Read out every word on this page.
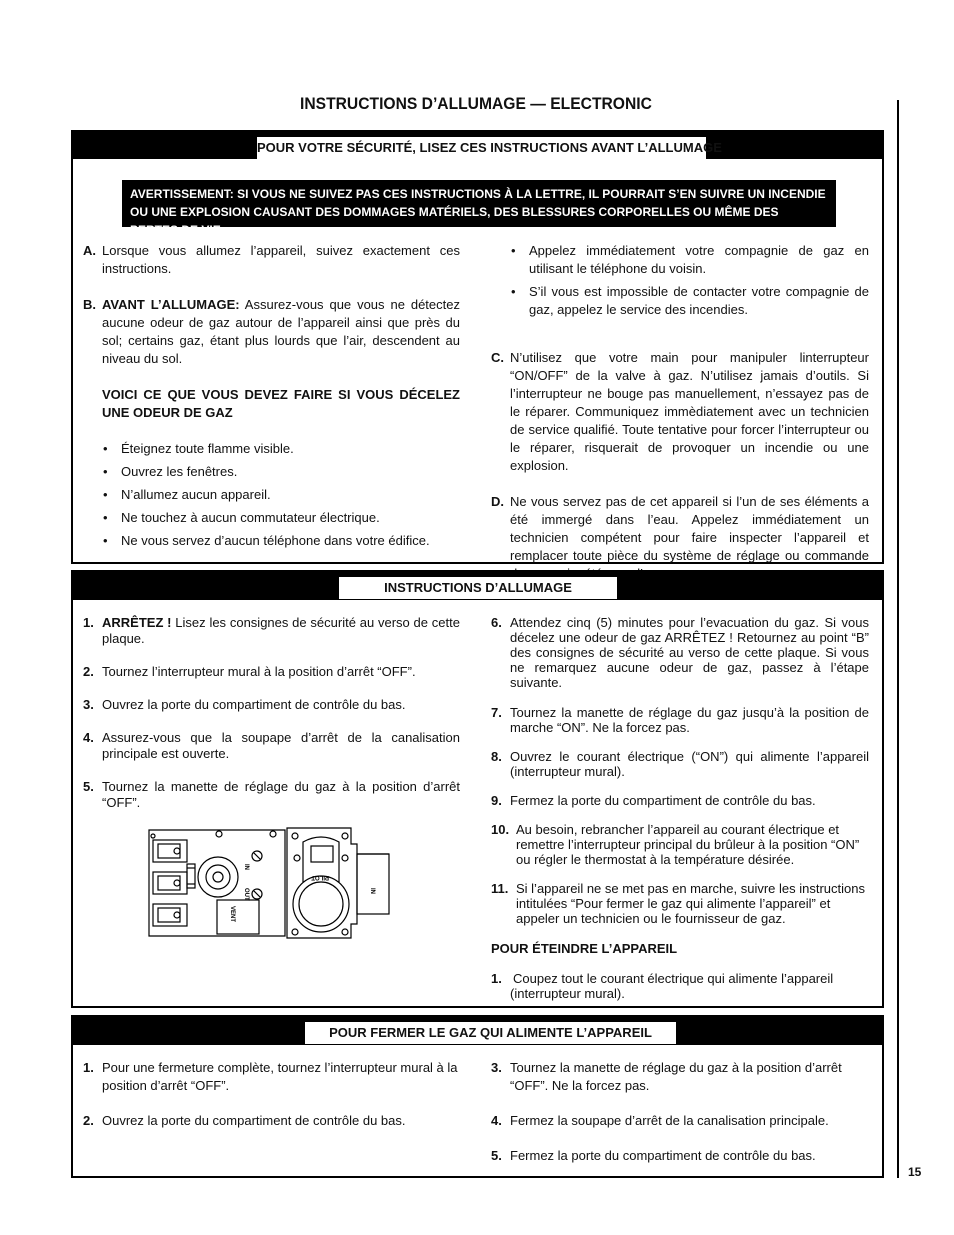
INSTRUCTIONS D’ALLUMAGE — ELECTRONIC
15
POUR VOTRE SÉCURITÉ, LISEZ CES INSTRUCTIONS AVANT L’ALLUMAGE
AVERTISSEMENT: SI VOUS NE SUIVEZ PAS CES INSTRUCTIONS À LA LETTRE, IL POURRAIT S’EN SUIVRE UN INCENDIE OU UNE EXPLOSION CAUSANT DES DOMMAGES MATÉRIELS, DES BLESSURES CORPORELLES OU MÊME DES PERTES DE VIE.
A. Lorsque vous allumez l’appareil, suivez exactement ces instructions.
B. AVANT L’ALLUMAGE: Assurez-vous que vous ne détectez aucune odeur de gaz autour de l’appareil ainsi que près du sol; certains gaz, étant plus lourds que l’air, descendent au niveau du sol.
VOICI CE QUE VOUS DEVEZ FAIRE SI VOUS DÉCELEZ UNE ODEUR DE GAZ
• Éteignez toute flamme visible.
• Ouvrez les fenêtres.
• N’allumez aucun appareil.
• Ne touchez à aucun commutateur électrique.
• Ne vous servez d’aucun téléphone dans votre édifice.
• Appelez immédiatement votre compagnie de gaz en utilisant le téléphone du voisin.
• S’il vous est impossible de contacter votre compagnie de gaz, appelez le service des incendies.
C. N’utilisez que votre main pour manipuler linterrupteur “ON/OFF” de la valve à gaz. N’utilisez jamais d’outils. Si l’interrupteur ne bouge pas manuellement, n’essayez pas de le réparer. Communiquez immèdiatement avec un technicien de service qualifié. Toute tentative pour forcer l’interrupteur ou le réparer, risquerait de provoquer un incendie ou une explosion.
D. Ne vous servez pas de cet appareil si l’un de ses éléments a été immergé dans l’eau. Appelez immédiatement un technicien compétent pour faire inspecter l’appareil et remplacer toute pièce du système de réglage ou commande
INSTRUCTIONS D’ALLUMAGE
1. ARRÊTEZ ! Lisez les consignes de sécurité au verso de cette plaque.
2. Tournez l’interrupteur mural à la position d’arrêt “OFF”.
3. Ouvrez la porte du compartiment de contrôle du bas.
4. Assurez-vous que la soupape d’arrêt de la canalisation principale est ouverte.
5. Tournez la manette de réglage du gaz à la position d’arrêt “OFF”.
IN
OUT
VENT
PILOT
IN
6. Attendez cinq (5) minutes pour l’evacuation du gaz. Si vous décelez une odeur de gaz ARRÊTEZ ! Retournez au point “B” des consignes de sécurité au verso de cette plaque. Si vous ne remarquez aucune odeur de gaz, passez à l’étape suivante.
7. Tournez la manette de réglage du gaz jusqu’à la position de marche “ON”. Ne la forcez pas.
8. Ouvrez le courant électrique (“ON”) qui alimente l’appareil (interrupteur mural).
9. Fermez la porte du compartiment de contrôle du bas.
10. Au besoin, rebrancher l’appareil au courant électrique et remettre l’interrupteur principal du brûleur à la position “ON” ou régler le thermostat à la température désirée.
11. Si l’appareil ne se met pas en marche, suivre les instructions intitulées “Pour fermer le gaz qui alimente l’appareil” et appeler un technicien ou le fournisseur de gaz.
POUR ÉTEINDRE L’APPAREIL
1. Coupez tout le courant électrique qui alimente l’appareil (interrupteur mural).
POUR FERMER LE GAZ QUI ALIMENTE L’APPAREIL
1. Pour une fermeture complète, tournez l’interrupteur mural à la position d’arrêt “OFF”.
2. Ouvrez la porte du compartiment de contrôle du bas.
3. Tournez la manette de réglage du gaz à la position d’arrêt “OFF”. Ne la forcez pas.
4. Fermez la soupape d’arrêt de la canalisation principale.
5. Fermez la porte du compartiment de contrôle du bas.
